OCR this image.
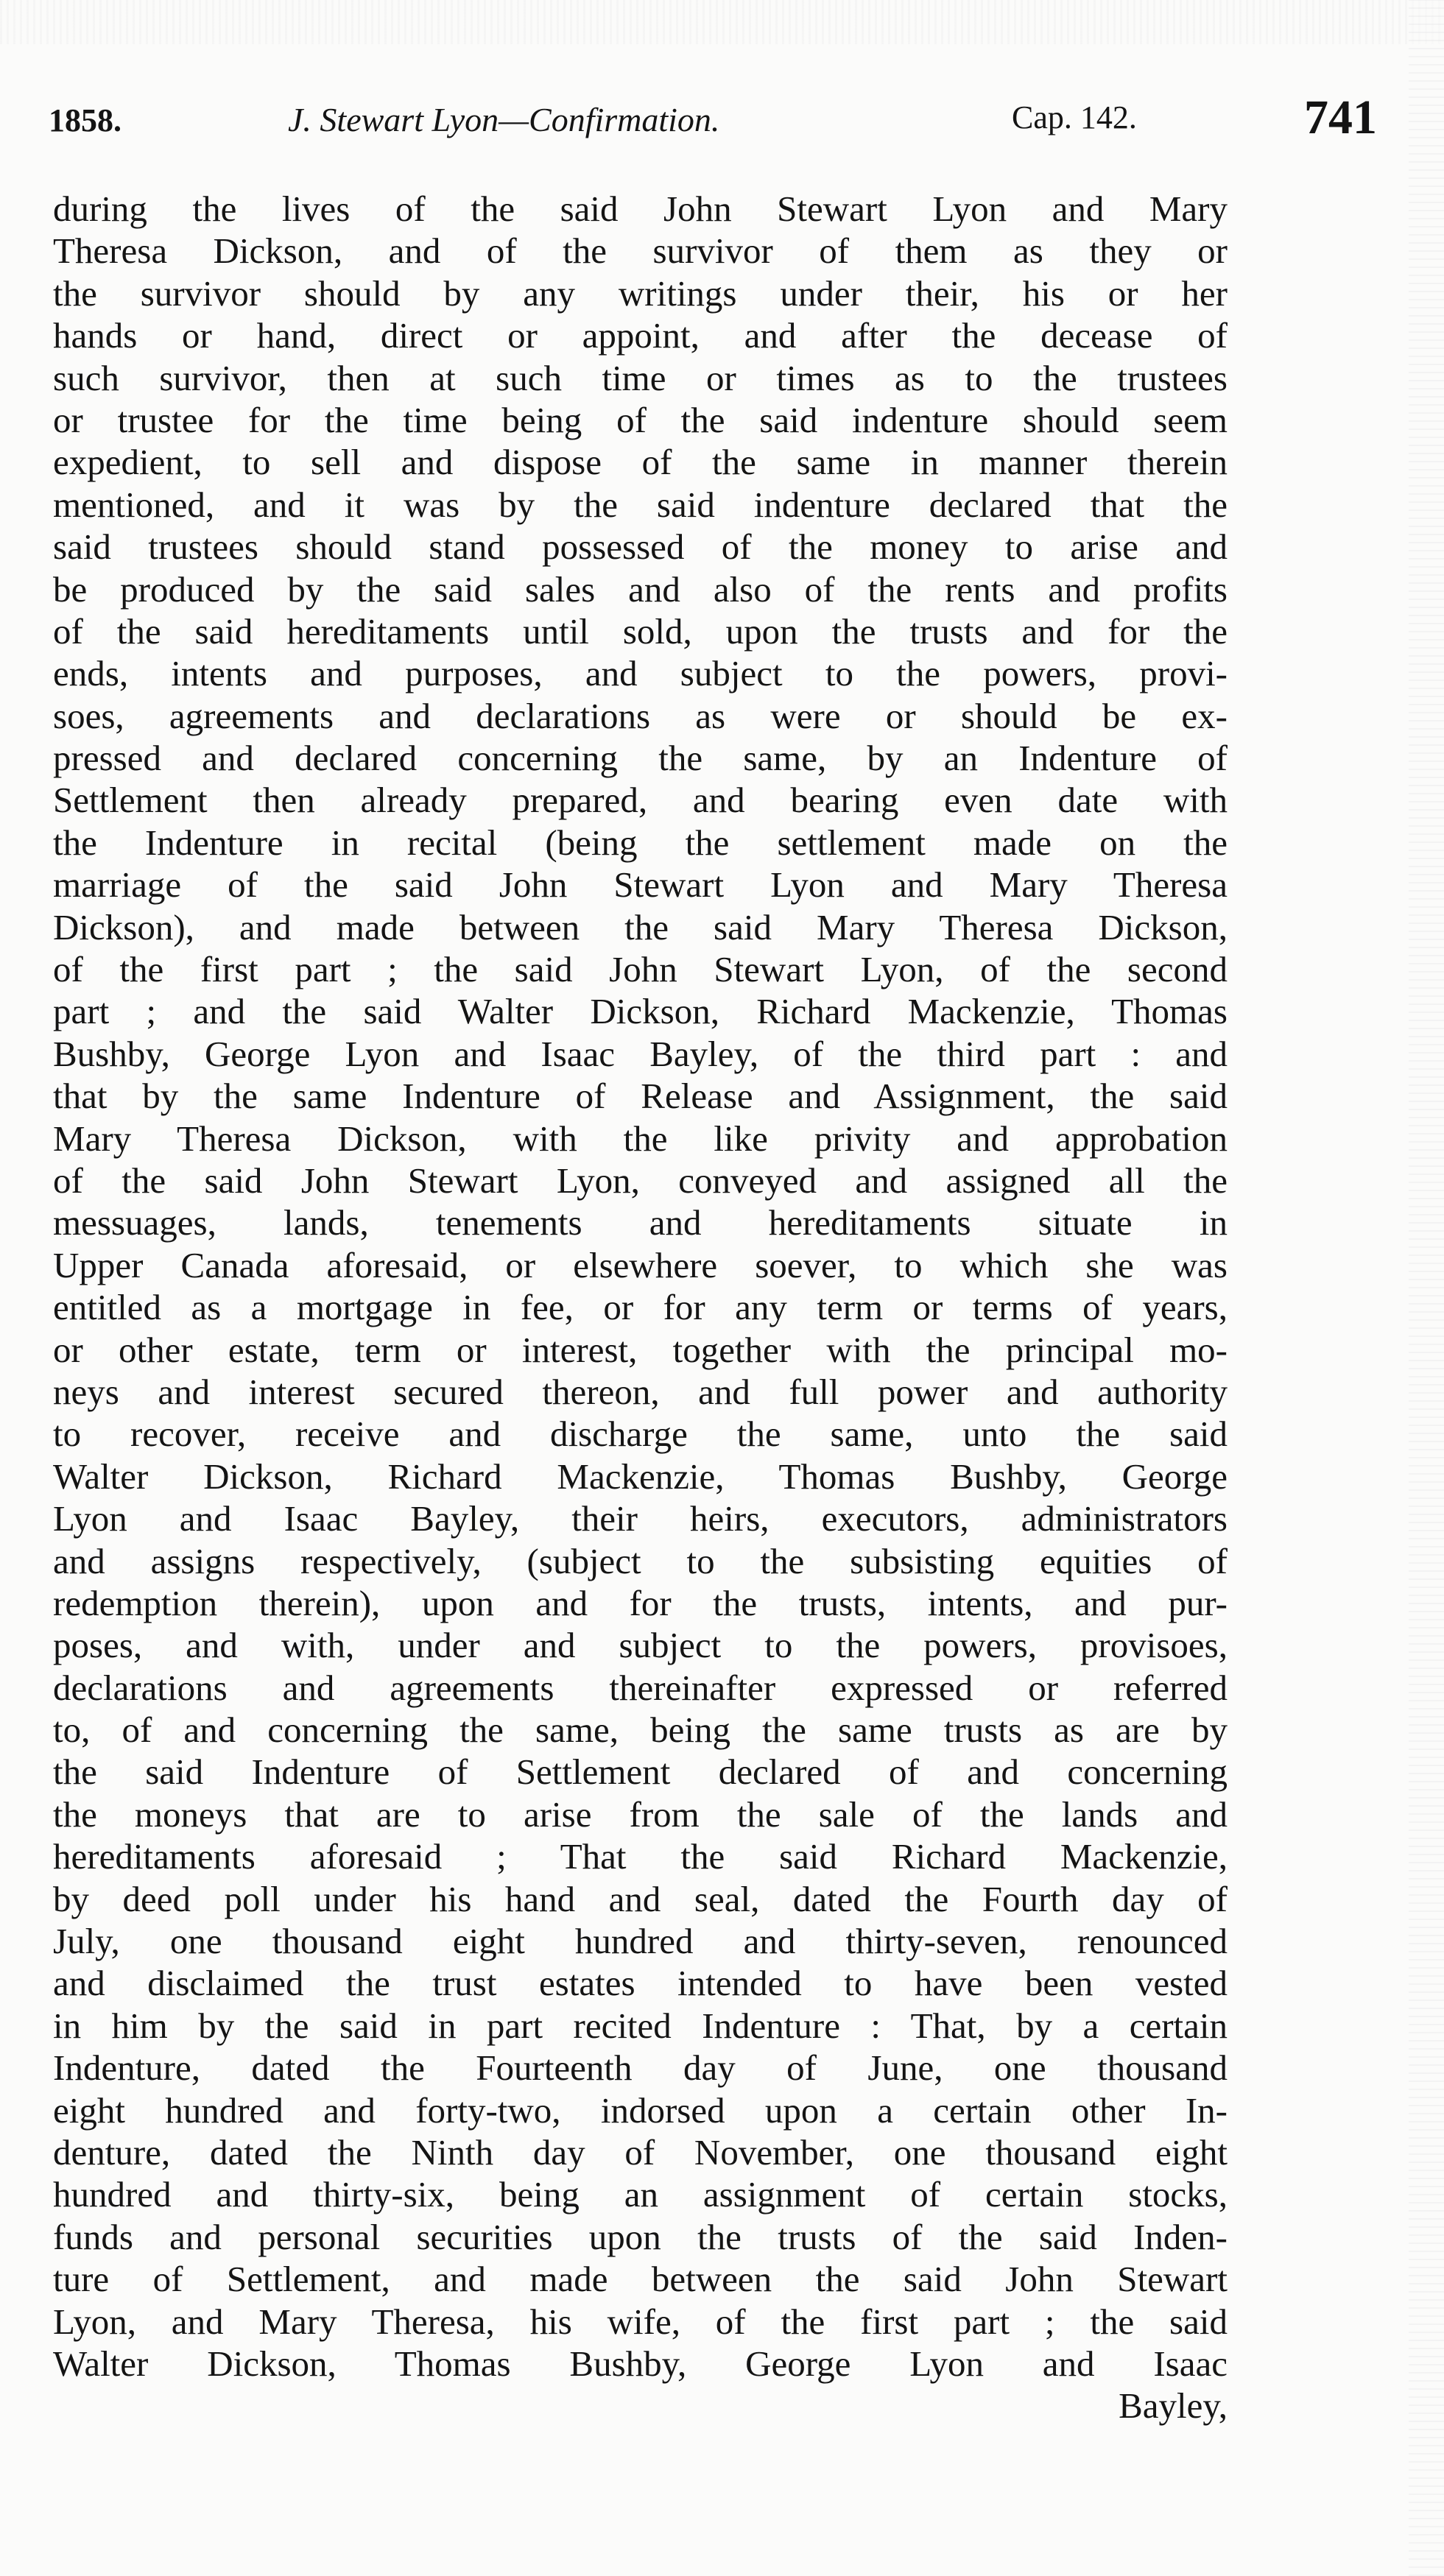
1858.	J. Stewart Lyon—Confirmation.	Cap. 142.	741
during the lives of the said John Stewart Lyon and Mary
Theresa Dickson, and of the survivor of them as they or
the survivor should by any writings under their, his or her
hands or hand, direct or appoint, and after the decease of
such survivor, then at such time or times as to the trustees
or trustee for the time being of the said indenture should seem
expedient, to sell and dispose of the same in manner therein
mentioned, and it was by the said indenture declared that the
said trustees should stand possessed of the money to arise and
be produced by the said sales and also of the rents and profits
of the said hereditaments until sold, upon the trusts and for the
ends, intents and purposes, and subject to the powers, provi-
soes, agreements and declarations as were or should be ex-
pressed and declared concerning the same, by an Indenture of
Settlement then already prepared, and bearing even date with
the Indenture in recital (being the settlement made on the
marriage of the said John Stewart Lyon and Mary Theresa
Dickson), and made between the said Mary Theresa Dickson,
of the first part ; the said John Stewart Lyon, of the second
part ; and the said Walter Dickson, Richard Mackenzie, Thomas
Bushby, George Lyon and Isaac Bayley, of the third part : and
that by the same Indenture of Release and Assignment, the said
Mary Theresa Dickson, with the like privity and approbation
of the said John Stewart Lyon, conveyed and assigned all the
messuages, lands, tenements and hereditaments situate in
Upper Canada aforesaid, or elsewhere soever, to which she was
entitled as a mortgage in fee, or for any term or terms of years,
or other estate, term or interest, together with the principal mo-
neys and interest secured thereon, and full power and authority
to recover, receive and discharge the same, unto the said
Walter Dickson, Richard Mackenzie, Thomas Bushby, George
Lyon and Isaac Bayley, their heirs, executors, administrators
and assigns respectively, (subject to the subsisting equities of
redemption therein), upon and for the trusts, intents, and pur-
poses, and with, under and subject to the powers, provisoes,
declarations and agreements thereinafter expressed or referred
to, of and concerning the same, being the same trusts as are by
the said Indenture of Settlement declared of and concerning
the moneys that are to arise from the sale of the lands and
hereditaments aforesaid ; That the said Richard Mackenzie,
by deed poll under his hand and seal, dated the Fourth day of
July, one thousand eight hundred and thirty-seven, renounced
and disclaimed the trust estates intended to have been vested
in him by the said in part recited Indenture : That, by a certain
Indenture, dated the Fourteenth day of June, one thousand
eight hundred and forty-two, indorsed upon a certain other In-
denture, dated the Ninth day of November, one thousand eight
hundred and thirty-six, being an assignment of certain stocks,
funds and personal securities upon the trusts of the said Inden-
ture of Settlement, and made between the said John Stewart
Lyon, and Mary Theresa, his wife, of the first part ; the said
Walter Dickson, Thomas Bushby, George Lyon and Isaac
Bayley,
